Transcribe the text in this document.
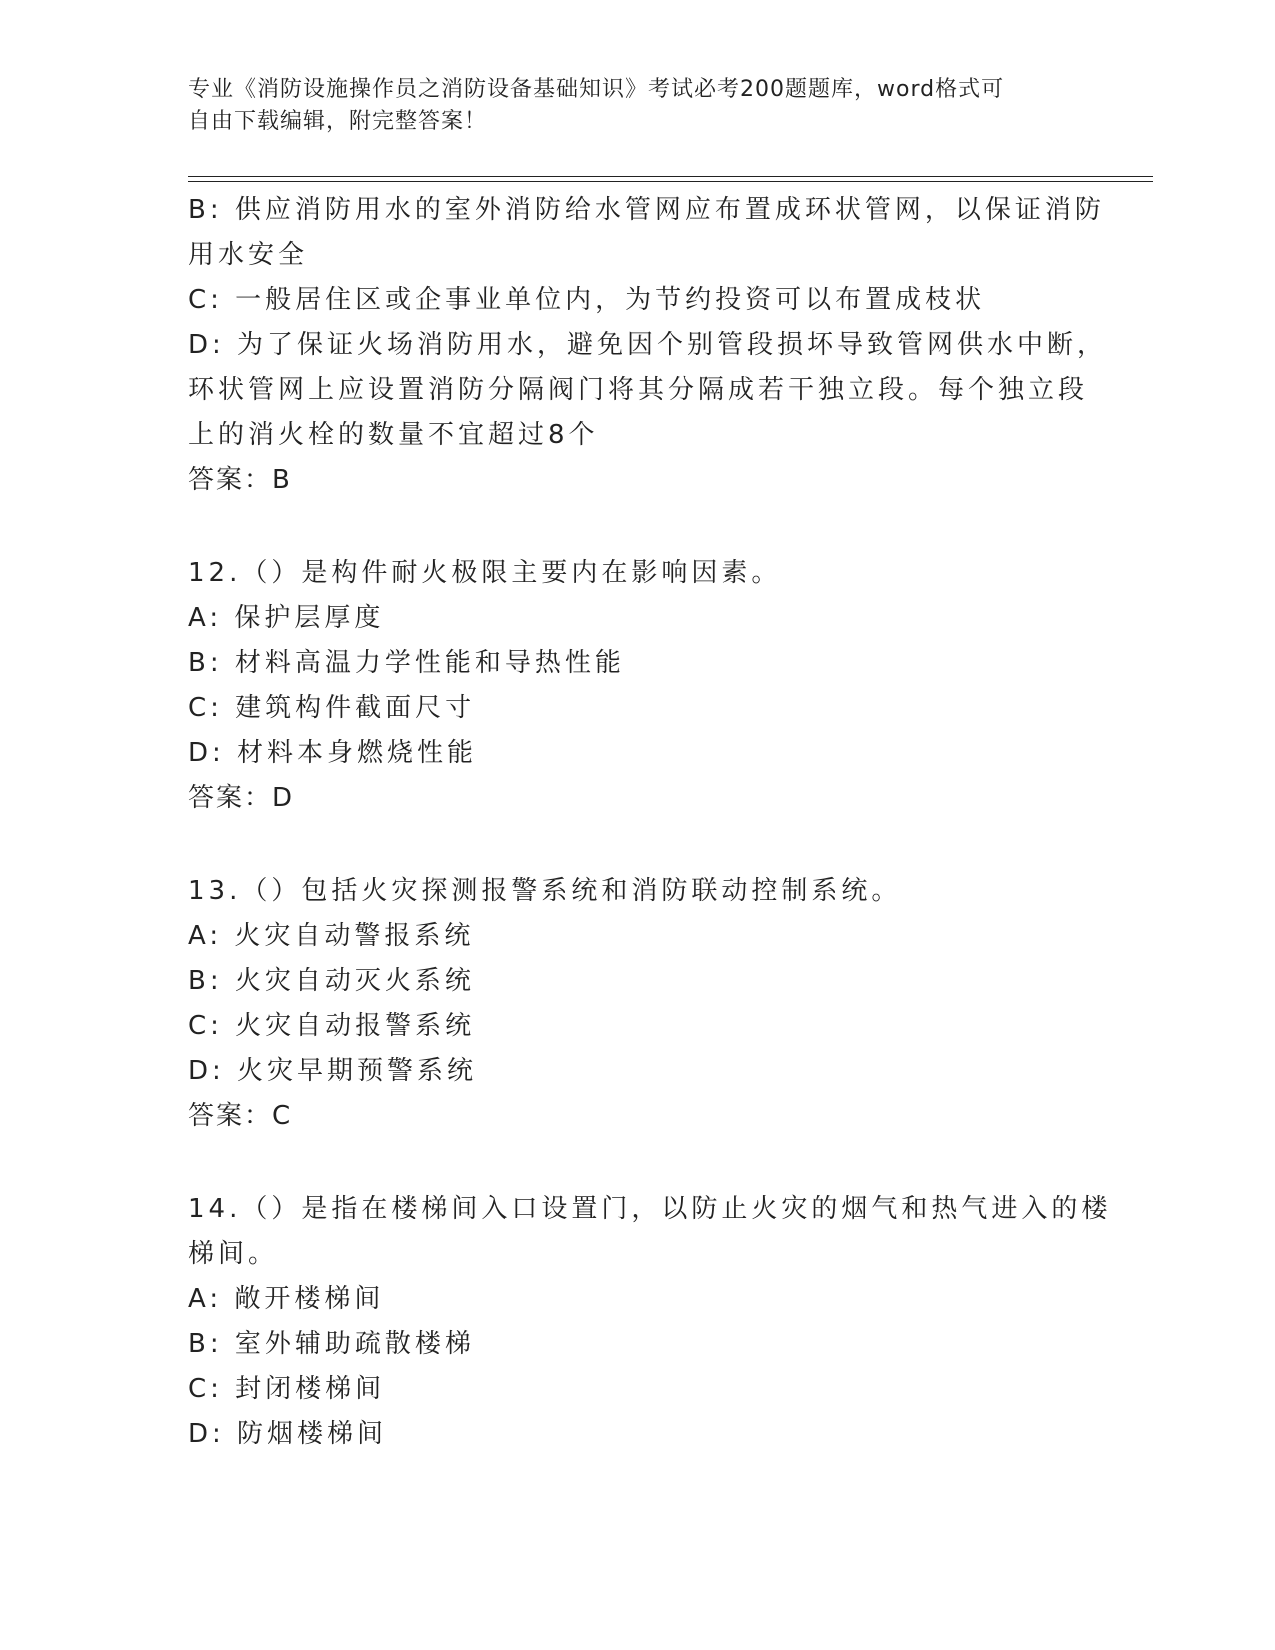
专业《消防设施操作员之消防设备基础知识》考试必考200题题库，word格式可
自由下载编辑，附完整答案！
B: 供应消防用水的室外消防给水管网应布置成环状管网，以保证消防
用水安全
C: 一般居住区或企事业单位内，为节约投资可以布置成枝状
D: 为了保证火场消防用水，避免因个别管段损坏导致管网供水中断，
环状管网上应设置消防分隔阀门将其分隔成若干独立段。每个独立段
上的消火栓的数量不宜超过8个
答案：B
12.（）是构件耐火极限主要内在影响因素。
A: 保护层厚度
B: 材料高温力学性能和导热性能
C: 建筑构件截面尺寸
D: 材料本身燃烧性能
答案：D
13.（）包括火灾探测报警系统和消防联动控制系统。
A: 火灾自动警报系统
B: 火灾自动灭火系统
C: 火灾自动报警系统
D: 火灾早期预警系统
答案：C
14.（）是指在楼梯间入口设置门，以防止火灾的烟气和热气进入的楼
梯间。
A: 敞开楼梯间
B: 室外辅助疏散楼梯
C: 封闭楼梯间
D: 防烟楼梯间
